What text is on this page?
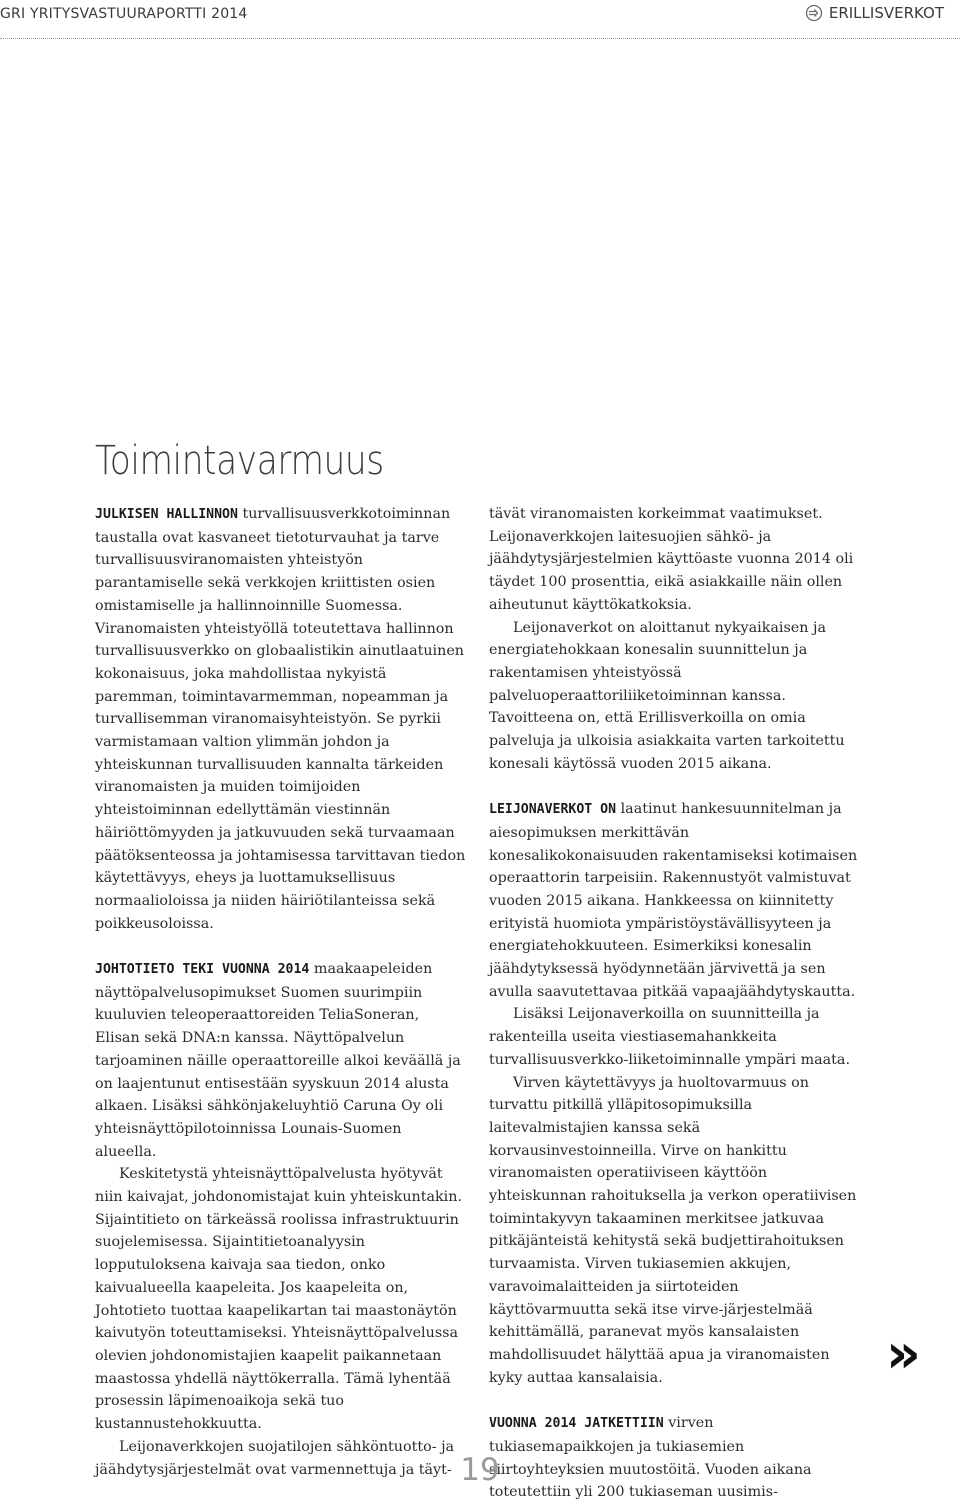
GRI YRITYSVASTUURAPORTTI 2014	ERILLISVERKOT
Toimintavarmuus

JULKISEN HALLINNON turvallisuusverkkotoiminnan taustalla ovat kasvaneet tietoturvauhat ja tarve turvallisuusviranomaisten yhteistyön parantamiselle sekä verkkojen kriittisten osien omistamiselle ja hallinnoinnille Suomessa. Viranomaisten yhteistyöllä toteutettava hallinnon turvallisuusverkko on globaalistikin ainutlaatuinen kokonaisuus, joka mahdollistaa nykyistä paremman, toimintavarmemman, nopeamman ja turvallisemman viranomaisyhteistyön. Se pyrkii varmistamaan valtion ylimmän johdon ja yhteiskunnan turvallisuuden kannalta tärkeiden viranomaisten ja muiden toimijoiden yhteistoiminnan edellyttämän viestinnän häiriöttömyyden ja jatkuvuuden sekä turvaamaan päätöksenteossa ja johtamisessa tarvittavan tiedon käytettävyys, eheys ja luottamuksellisuus normaalioloissa ja niiden häiriötilanteissa sekä poikkeusoloissa.

JOHTOTIETO TEKI VUONNA 2014 maakaapeleiden näyttöpalvelusopimukset Suomen suurimpiin kuuluvien teleoperaattoreiden TeliaSoneran, Elisan sekä DNA:n kanssa. Näyttöpalvelun tarjoaminen näille operaattoreille alkoi keväällä ja on laajentunut entisestään syyskuun 2014 alusta alkaen. Lisäksi sähkönjakeluyhtiö Caruna Oy oli yhteisnäyttöpilotoinnissa Lounais-Suomen alueella.

Keskitetystä yhteisnäyttöpalvelusta hyötyvät niin kaivajat, johdonomistajat kuin yhteiskuntakin. Sijaintitieto on tärkeässä roolissa infrastruktuurin suojelemisessa. Sijaintitietoanalyysin lopputuloksena kaivaja saa tiedon, onko kaivualueella kaapeleita. Jos kaapeleita on, Johtotieto tuottaa kaapelikartan tai maastonäytön kaivutyön toteuttamiseksi. Yhteisnäyttöpalvelussa olevien johdonomistajien kaapelit paikannetaan maastossa yhdellä näyttökerralla. Tämä lyhentää prosessin läpimenoaikoja sekä tuo kustannustehokkuutta.

Leijonaverkkojen suojatilojen sähköntuotto- ja jäähdytysjärjestelmät ovat varmennettuja ja täyt-

tävät viranomaisten korkeimmat vaatimukset. Leijonaverkkojen laitesuojien sähkö- ja jäähdytysjärjestelmien käyttöaste vuonna 2014 oli täydet 100 prosenttia, eikä asiakkaille näin ollen aiheutunut käyttökatkoksia.

Leijonaverkot on aloittanut nykyaikaisen ja energiatehokkaan konesalin suunnittelun ja rakentamisen yhteistyössä palveluoperaattoriliiketoiminnan kanssa. Tavoitteena on, että Erillisverkoilla on omia palveluja ja ulkoisia asiakkaita varten tarkoitettu konesali käytössä vuoden 2015 aikana.

LEIJONAVERKOT ON laatinut hankesuunnitelman ja aiesopimuksen merkittävän konesalikokonaisuuden rakentamiseksi kotimaisen operaattorin tarpeisiin. Rakennustyöt valmistuvat vuoden 2015 aikana. Hankkeessa on kiinnitetty erityistä huomiota ympäristöystävällisyyteen ja energiatehokkuuteen. Esimerkiksi konesalin jäähdytyksessä hyödynnetään järvivettä ja sen avulla saavutettavaa pitkää vapaajäähdytyskautta.

Lisäksi Leijonaverkoilla on suunnitteilla ja rakenteilla useita viestiasemahankkeita turvallisuusverkko-liiketoiminnalle ympäri maata.

Virven käytettävyys ja huoltovarmuus on turvattu pitkillä ylläpitosopimuksilla laitevalmistajien kanssa sekä korvausinvestoinneilla. Virve on hankittu viranomaisten operatiiviseen käyttöön yhteiskunnan rahoituksella ja verkon operatiivisen toimintakyvyn takaaminen merkitsee jatkuvaa pitkäjänteistä kehitystä sekä budjettirahoituksen turvaamista. Virven tukiasemien akkujen, varavoimalaitteiden ja siirtoteiden käyttövarmuutta sekä itse virve-järjestelmää kehittämällä, paranevat myös kansalaisten mahdollisuudet hälyttää apua ja viranomaisten kyky auttaa kansalaisia.

VUONNA 2014 JATKETTIIN virven tukiasemapaikkojen ja tukiasemien siirtoyhteyksien muutostöitä. Vuoden aikana toteutettiin yli 200 tukiaseman uusimis-

»
19
